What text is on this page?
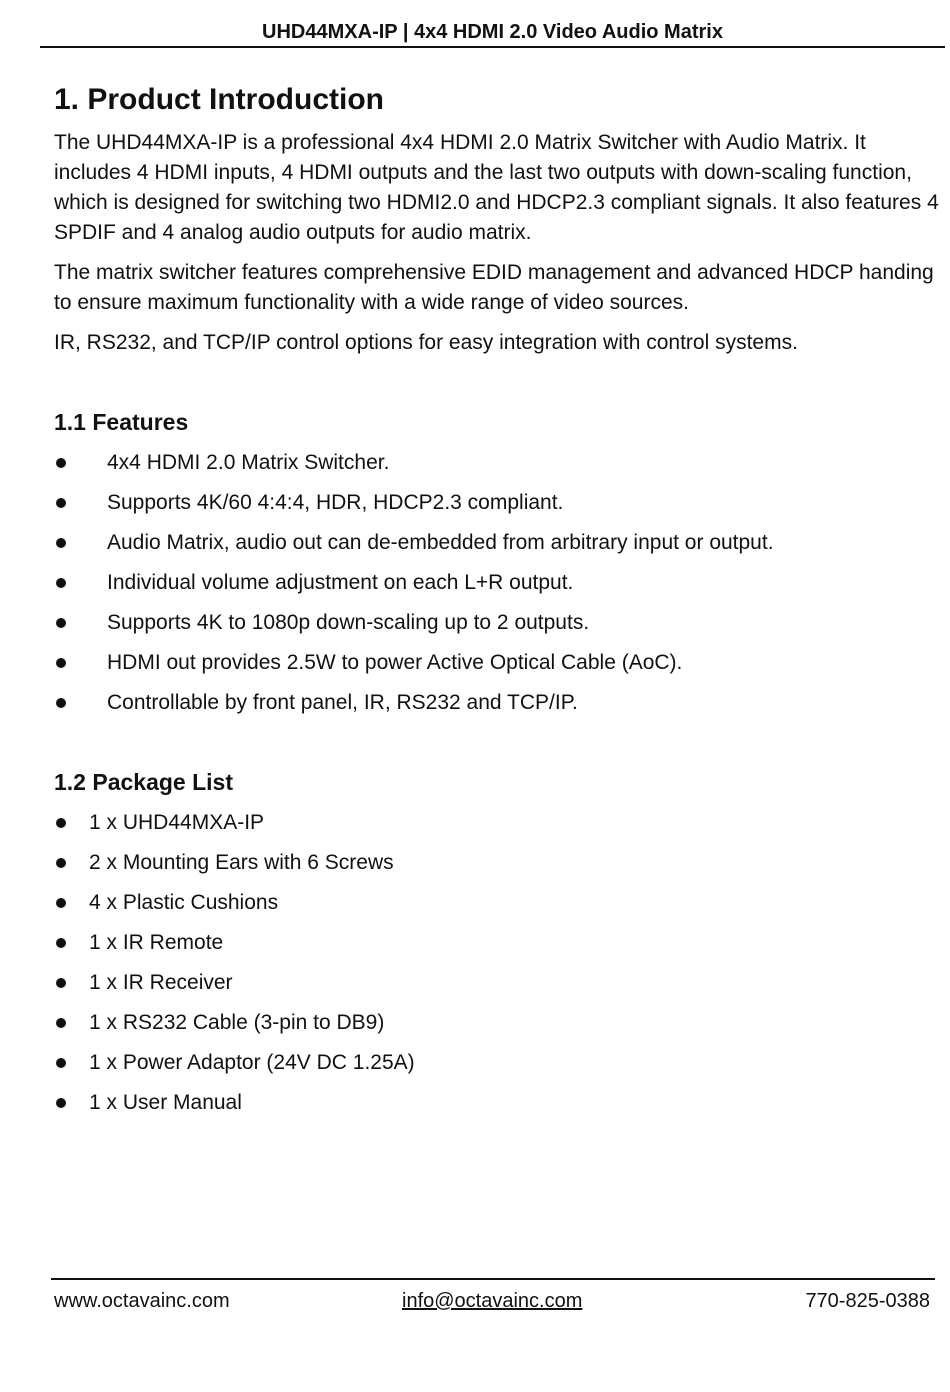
UHD44MXA-IP | 4x4 HDMI 2.0 Video Audio Matrix
1. Product Introduction

The UHD44MXA-IP is a professional 4x4 HDMI 2.0 Matrix Switcher with Audio Matrix. It includes 4 HDMI inputs, 4 HDMI outputs and the last two outputs with down-scaling function, which is designed for switching two HDMI2.0 and HDCP2.3 compliant signals. It also features 4 SPDIF and 4 analog audio outputs for audio matrix.

The matrix switcher features comprehensive EDID management and advanced HDCP handing to ensure maximum functionality with a wide range of video sources.

IR, RS232, and TCP/IP control options for easy integration with control systems.

1.1 Features
4x4 HDMI 2.0 Matrix Switcher.
Supports 4K/60 4:4:4, HDR, HDCP2.3 compliant.
Audio Matrix, audio out can de-embedded from arbitrary input or output.
Individual volume adjustment on each L+R output.
Supports 4K to 1080p down-scaling up to 2 outputs.
HDMI out provides 2.5W to power Active Optical Cable (AoC).
Controllable by front panel, IR, RS232 and TCP/IP.
1.2 Package List
1 x UHD44MXA-IP
2 x Mounting Ears with 6 Screws
4 x Plastic Cushions
1 x IR Remote
1 x IR Receiver
1 x RS232 Cable (3-pin to DB9)
1 x Power Adaptor (24V DC 1.25A)
1 x User Manual
www.octavainc.com	info@octavainc.com	770-825-0388
